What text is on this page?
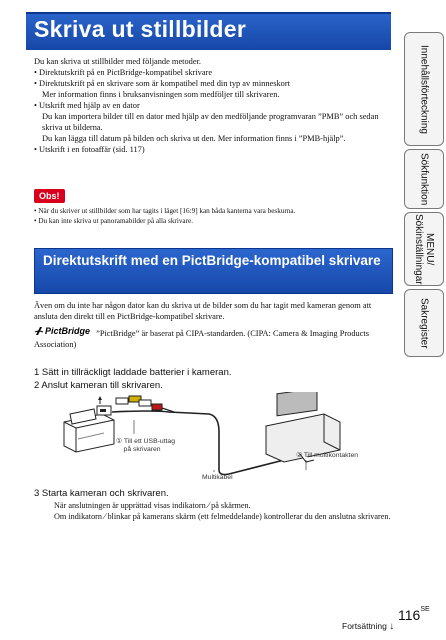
Skriva ut stillbilder

Du kan skriva ut stillbilder med följande metoder.

• Direktutskrift på en PictBridge-kompatibel skrivare

• Direktutskrift på en skrivare som är kompatibel med din typ av minneskort

Mer information finns i bruksanvisningen som medföljer till skrivaren.

• Utskrift med hjälp av en dator

Du kan importera bilder till en dator med hjälp av den medföljande programvaran ”PMB” och sedan skriva ut bilderna.

Du kan lägga till datum på bilden och skriva ut den. Mer information finns i ”PMB-hjälp”.

• Utskrift i en fotoaffär (sid. 117)

Obs!

• När du skriver ut stillbilder som har tagits i läget [16:9] kan båda kanterna vara beskurna.

• Du kan inte skriva ut panoramabilder på alla skrivare.

Direktutskrift med en PictBridge-kompatibel skrivare
Även om du inte har någon dator kan du skriva ut de bilder som du har tagit med kameran genom att ansluta den direkt till en PictBridge-kompatibel skrivare.
PictBridge ”PictBridge” är baserat på CIPA-standarden. (CIPA: Camera & Imaging Products Association)
1 Sätt in tillräckligt laddade batterier i kameran.
2 Anslut kameran till skrivaren.
① Till ett USB-uttag
på skrivaren
② Till multikontakten
Multikabel
3 Starta kameran och skrivaren.
När anslutningen är upprättad visas indikatorn ⁄ på skärmen.
Om indikatorn ⁄ blinkar på kamerans skärm (ett felmeddelande) kontrollerar du den anslutna skrivaren.
Innehållsförteckning
Sökfunktion
MENU/
Sökinställningar
Sakregister
$116^{SE}$
Fortsättning ↓
